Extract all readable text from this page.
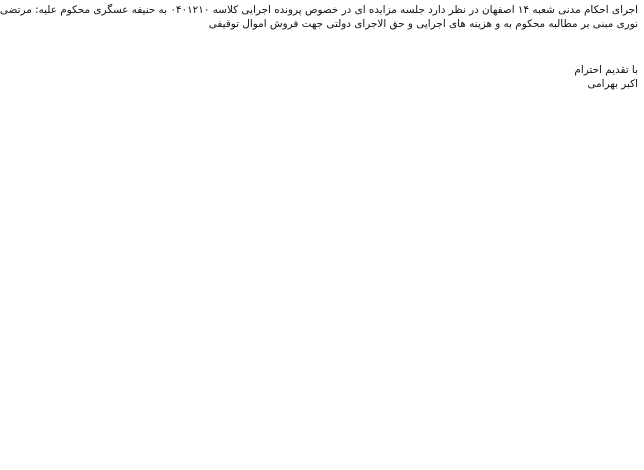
اجرای احکام مدنی شعبه ۱۴ اصفهان در نظر دارد جلسه مزایده ای در خصوص پرونده اجرایی کلاسه ۰۴۰۱۲۱۰ به حنیفه عسگری محکوم علیه: مرتضی
نوری مبنی بر مطالبه محکوم به و هزینه های اجرایی و حق الاجرای دولتی جهت فروش اموال توقیفی
با تقدیم احترام
اکبر بهرامی
